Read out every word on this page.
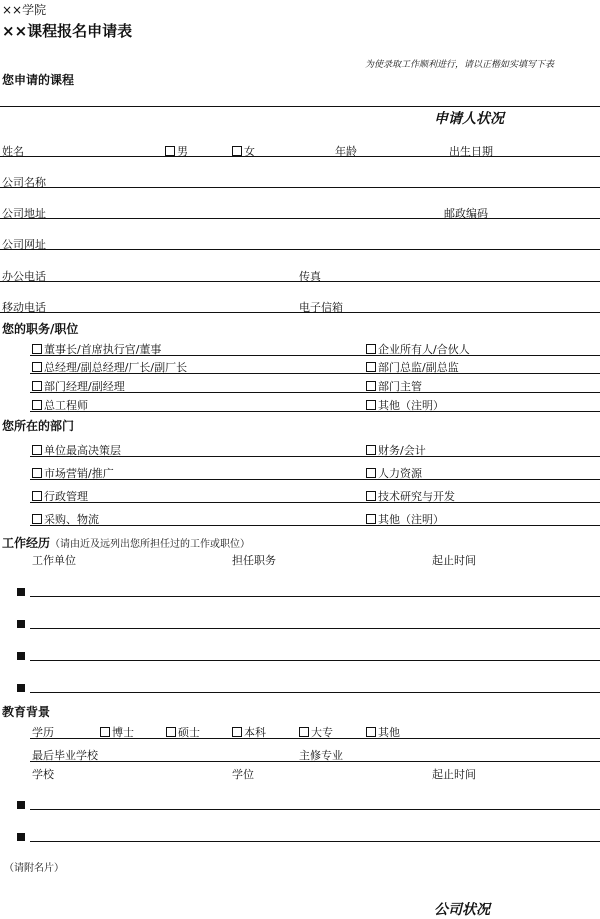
××学院
××课程报名申请表
为使录取工作顺利进行，请以正楷如实填写下表
您申请的课程
申请人状况
姓名	男	女	年龄	出生日期
公司名称
公司地址	邮政编码
公司网址
办公电话	传真
移动电话	电子信箱
您的职务/职位
董事长/首席执行官/董事	企业所有人/合伙人
总经理/副总经理/厂长/副厂长	部门总监/副总监
部门经理/副经理	部门主管
总工程师	其他（注明）
您所在的部门
单位最高决策层	财务/会计
市场营销/推广	人力资源
行政管理	技术研究与开发
采购、物流	其他（注明）
工作经历（请由近及远列出您所担任过的工作或职位）
工作单位	担任职务	起止时间
教育背景
学历	博士	硕士	本科	大专	其他
最后毕业学校	主修专业
学校	学位	起止时间
（请附名片）
公司状况
